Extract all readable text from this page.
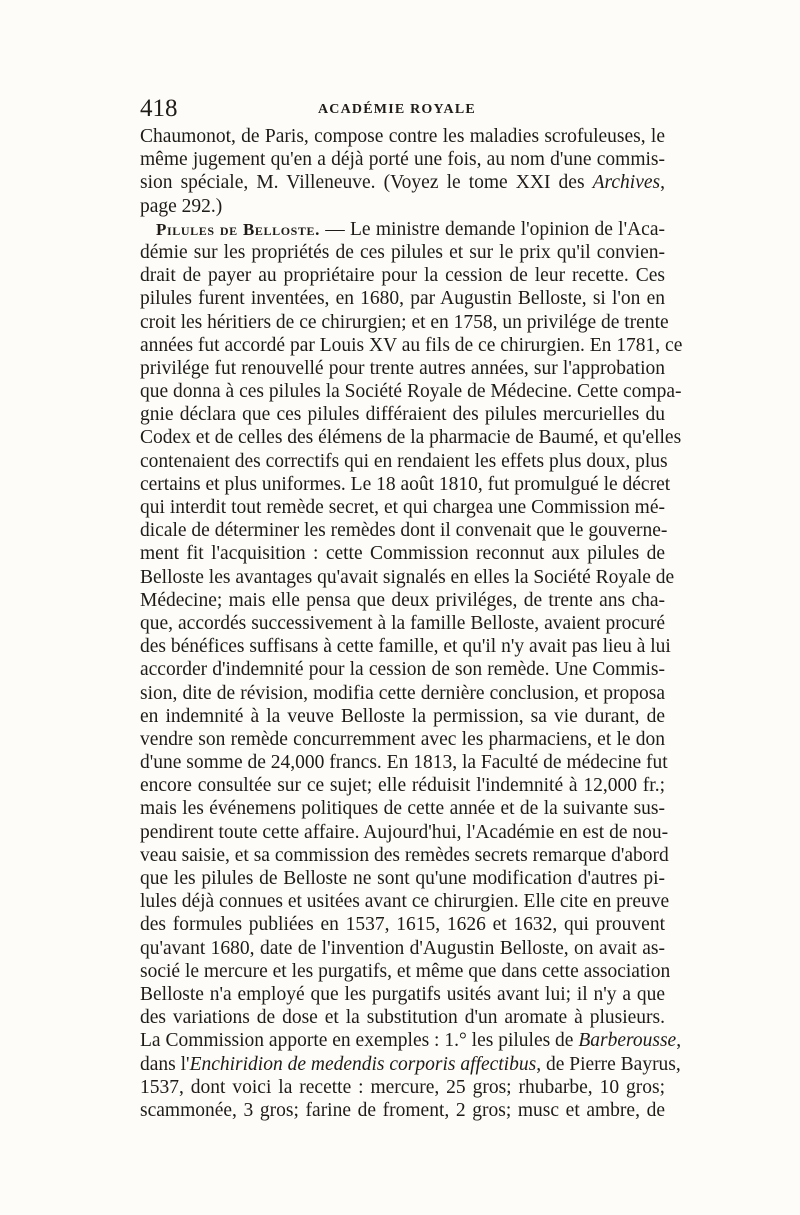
418	ACADÉMIE ROYALE
Chaumonot, de Paris, compose contre les maladies scrofuleuses, le
même jugement qu'en a déjà porté une fois, au nom d'une commis-
sion spéciale, M. Villeneuve. (Voyez le tome XXI des Archives,
page 292.)
Pilules de Belloste. — Le ministre demande l'opinion de l'Aca-
démie sur les propriétés de ces pilules et sur le prix qu'il convien-
drait de payer au propriétaire pour la cession de leur recette. Ces
pilules furent inventées, en 1680, par Augustin Belloste, si l'on en
croit les héritiers de ce chirurgien; et en 1758, un privilége de trente
années fut accordé par Louis XV au fils de ce chirurgien. En 1781, ce
privilége fut renouvellé pour trente autres années, sur l'approbation
que donna à ces pilules la Société Royale de Médecine. Cette compa-
gnie déclara que ces pilules différaient des pilules mercurielles du
Codex et de celles des élémens de la pharmacie de Baumé, et qu'elles
contenaient des correctifs qui en rendaient les effets plus doux, plus
certains et plus uniformes. Le 18 août 1810, fut promulgué le décret
qui interdit tout remède secret, et qui chargea une Commission mé-
dicale de déterminer les remèdes dont il convenait que le gouverne-
ment fit l'acquisition : cette Commission reconnut aux pilules de
Belloste les avantages qu'avait signalés en elles la Société Royale de
Médecine; mais elle pensa que deux priviléges, de trente ans cha-
que, accordés successivement à la famille Belloste, avaient procuré
des bénéfices suffisans à cette famille, et qu'il n'y avait pas lieu à lui
accorder d'indemnité pour la cession de son remède. Une Commis-
sion, dite de révision, modifia cette dernière conclusion, et proposa
en indemnité à la veuve Belloste la permission, sa vie durant, de
vendre son remède concurremment avec les pharmaciens, et le don
d'une somme de 24,000 francs. En 1813, la Faculté de médecine fut
encore consultée sur ce sujet; elle réduisit l'indemnité à 12,000 fr.;
mais les événemens politiques de cette année et de la suivante sus-
pendirent toute cette affaire. Aujourd'hui, l'Académie en est de nou-
veau saisie, et sa commission des remèdes secrets remarque d'abord
que les pilules de Belloste ne sont qu'une modification d'autres pi-
lules déjà connues et usitées avant ce chirurgien. Elle cite en preuve
des formules publiées en 1537, 1615, 1626 et 1632, qui prouvent
qu'avant 1680, date de l'invention d'Augustin Belloste, on avait as-
socié le mercure et les purgatifs, et même que dans cette association
Belloste n'a employé que les purgatifs usités avant lui; il n'y a que
des variations de dose et la substitution d'un aromate à plusieurs.
La Commission apporte en exemples : 1.° les pilules de Barberousse,
dans l'Enchiridion de medendis corporis affectibus, de Pierre Bayrus,
1537, dont voici la recette : mercure, 25 gros; rhubarbe, 10 gros;
scammonée, 3 gros; farine de froment, 2 gros; musc et ambre, de
